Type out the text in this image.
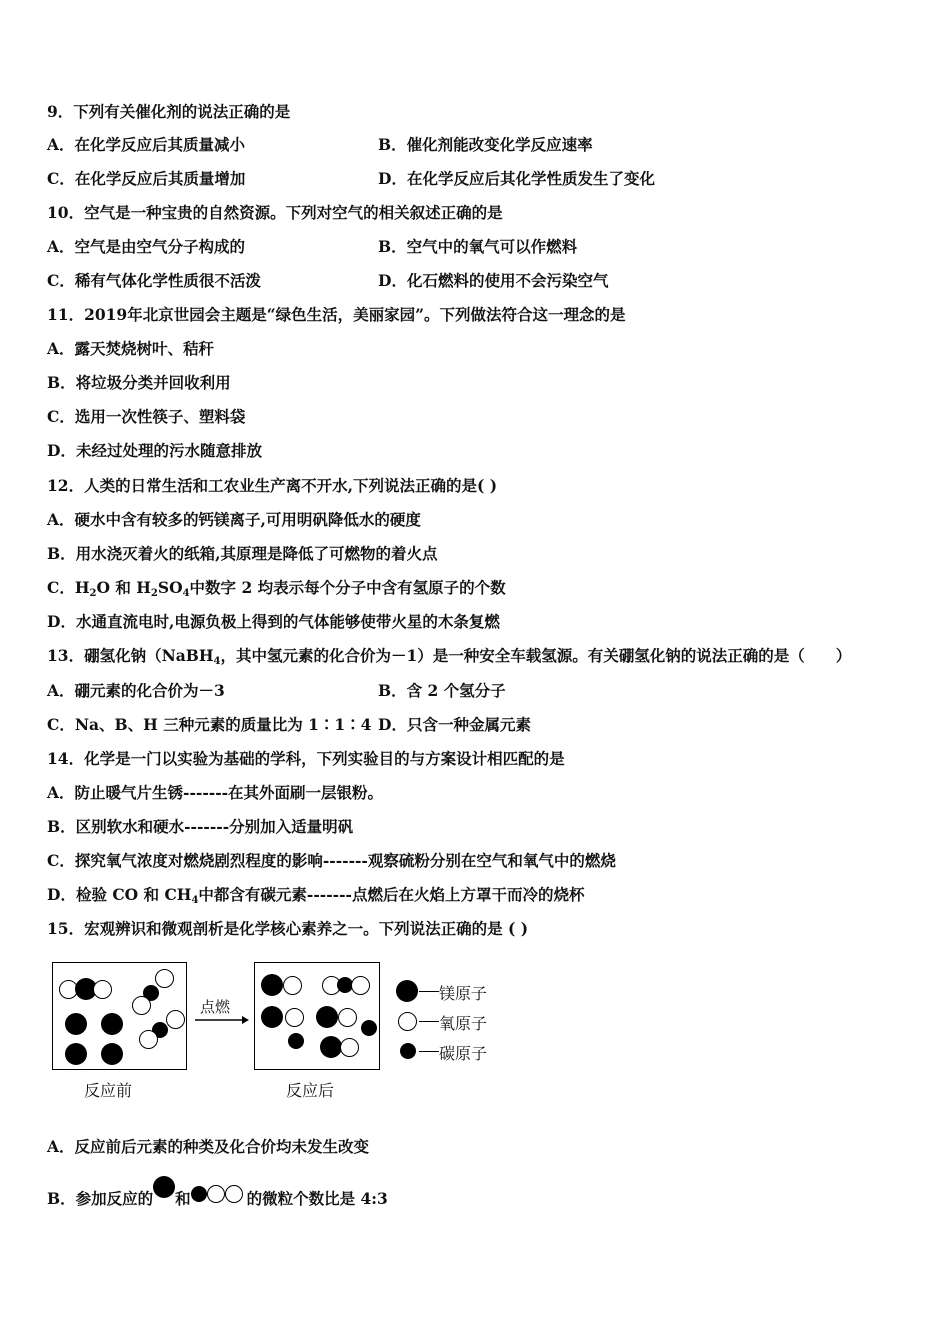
9．下列有关催化剂的说法正确的是
A．在化学反应后其质量减小	B．催化剂能改变化学反应速率
C．在化学反应后其质量增加	D．在化学反应后其化学性质发生了变化
10．空气是一种宝贵的自然资源。下列对空气的相关叙述正确的是
A．空气是由空气分子构成的	B．空气中的氧气可以作燃料
C．稀有气体化学性质很不活泼	D．化石燃料的使用不会污染空气
11．2019年北京世园会主题是“绿色生活，美丽家园”。下列做法符合这一理念的是
A．露天焚烧树叶、秸秆
B．将垃圾分类并回收利用
C．选用一次性筷子、塑料袋
D．未经过处理的污水随意排放
12．人类的日常生活和工农业生产离不开水,下列说法正确的是( )
A．硬水中含有较多的钙镁离子,可用明矾降低水的硬度
B．用水浇灭着火的纸箱,其原理是降低了可燃物的着火点
C．$H_2O$ 和 $H_2SO_4$中数字 2 均表示每个分子中含有氢原子的个数
D．水通直流电时,电源负极上得到的气体能够使带火星的木条复燃
13．硼氢化钠（NaBH$_4$，其中氢元素的化合价为－1）是一种安全车载氢源。有关硼氢化钠的说法正确的是（　　）
A．硼元素的化合价为－3	B．含 2 个氢分子
C．Na、B、H 三种元素的质量比为 1∶1∶4 D．只含一种金属元素
14．化学是一门以实验为基础的学科，下列实验目的与方案设计相匹配的是
A．防止暖气片生锈-------在其外面刷一层银粉。
B．区别软水和硬水-------分别加入适量明矾
C．探究氧气浓度对燃烧剧烈程度的影响-------观察硫粉分别在空气和氧气中的燃烧
D．检验 CO 和 $CH_4$中都含有碳元素-------点燃后在火焰上方罩干而冷的烧杯
15．宏观辨识和微观剖析是化学核心素养之一。下列说法正确的是 ( )
反应前
点燃
反应后
镁原子
氧原子
碳原子
A．反应前后元素的种类及化合价均未发生改变
B．参加反应的 和	的微粒个数比是 4:3
